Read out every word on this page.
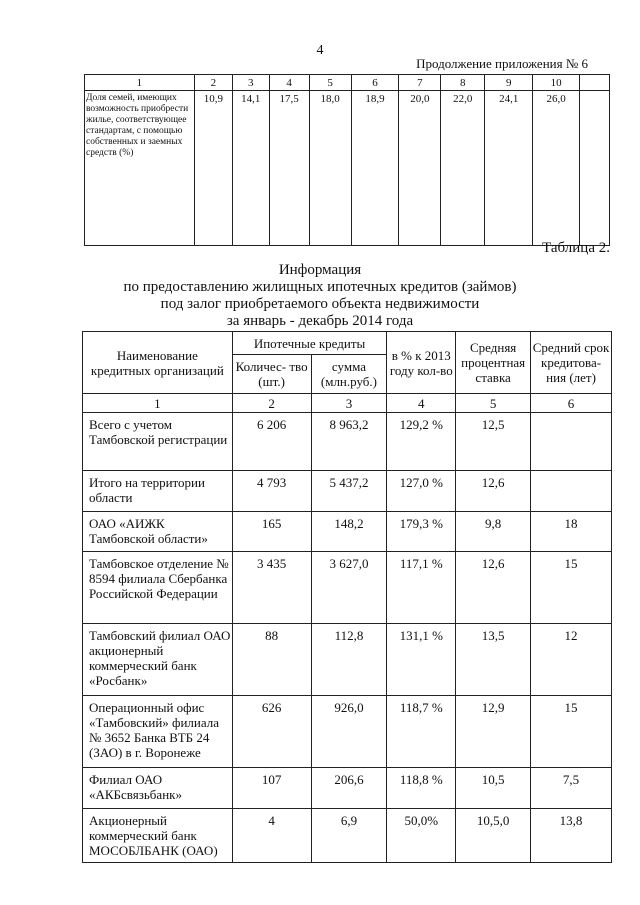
4
Продолжение приложения № 6
1	2	3	4	5	6	7	8	9	10	
Доля семей, имеющих возможность приобрести жилье, соответствующее стандартам, с помощью собственных и заемных средств (%)	10,9	14,1	17,5	18,0	18,9	20,0	22,0	24,1	26,0	
Таблица 2.
Информация
по предоставлению жилищных ипотечных кредитов (займов)
под залог приобретаемого объекта недвижимости
за январь - декабрь 2014 года
Наименование кредитных организаций	Ипотечные кредиты		в % к 2013 году кол-во	Средняя процентная ставка	Средний срок кредитова- ния (лет)
	Количес- тво (шт.)	сумма (млн.руб.)			
1	2	3	4	5	6
Всего с учетом Тамбовской регистрации	6 206	8 963,2	129,2 %	12,5	
Итого на территории области	4 793	5 437,2	127,0 %	12,6	
ОАО «АИЖК Тамбовской области»	165	148,2	179,3 %	9,8	18
Тамбовское отделение № 8594 филиала Сбербанка Российской Федерации	3 435	3 627,0	117,1 %	12,6	15
Тамбовский филиал ОАО акционерный коммерческий банк «Росбанк»	88	112,8	131,1 %	13,5	12
Операционный офис «Тамбовский» филиала № 3652 Банка ВТБ 24 (ЗАО) в г. Воронеже	626	926,0	118,7 %	12,9	15
Филиал ОАО «АКБсвязьбанк»	107	206,6	118,8 %	10,5	7,5
Акционерный коммерческий банк МОСОБЛБАНК (ОАО)	4	6,9	50,0%	10,5,0	13,8
